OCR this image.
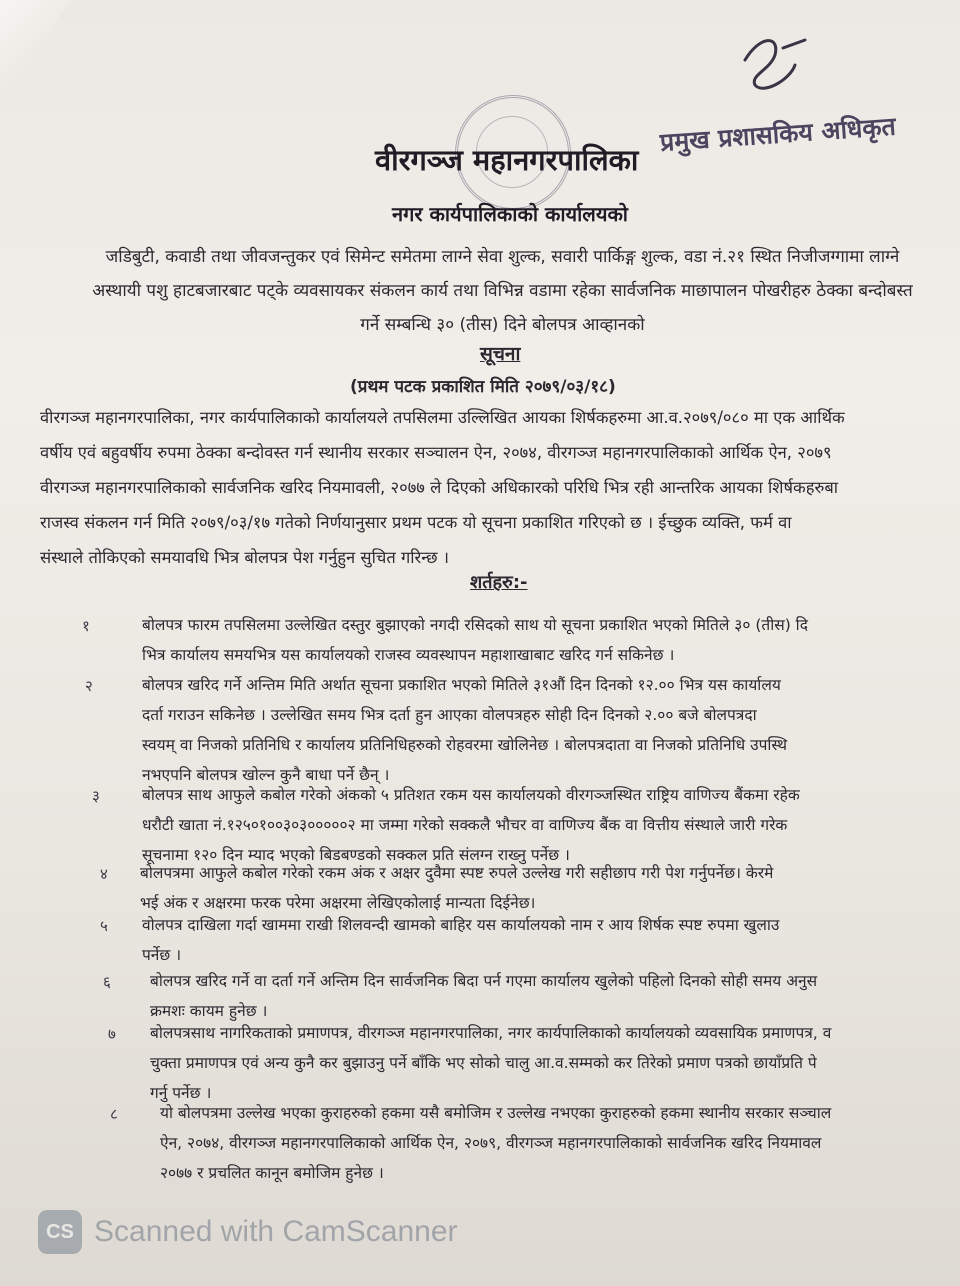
वीरगञ्ज महानगरपालिका
प्रमुख प्रशासकिय अधिकृत
नगर कार्यपालिकाको कार्यालयको
जडिबुटी, कवाडी तथा जीवजन्तुकर एवं सिमेन्ट समेतमा लाग्ने सेवा शुल्क, सवारी पार्किङ्ग शुल्क, वडा नं.२१ स्थित निजीजग्गामा लाग्ने
अस्थायी पशु हाटबजारबाट पट्के व्यवसायकर संकलन कार्य तथा विभिन्न वडामा रहेका सार्वजनिक माछापालन पोखरीहरु ठेक्का बन्दोबस्त
गर्ने सम्बन्धि ३० (तीस) दिने बोलपत्र आव्हानको
सूचना
(प्रथम पटक प्रकाशित मिति २०७९/०३/१८)
वीरगञ्ज महानगरपालिका, नगर कार्यपालिकाको कार्यालयले तपसिलमा उल्लिखित आयका शिर्षकहरुमा आ.व.२०७९/०८० मा एक आर्थिक
वर्षीय एवं बहुवर्षीय रुपमा ठेक्का बन्दोवस्त गर्न स्थानीय सरकार सञ्चालन ऐन, २०७४, वीरगञ्ज महानगरपालिकाको आर्थिक ऐन, २०७९
वीरगञ्ज महानगरपालिकाको सार्वजनिक खरिद नियमावली, २०७७ ले दिएको अधिकारको परिधि भित्र रही आन्तरिक आयका शिर्षकहरुबा
राजस्व संकलन गर्न मिति २०७९/०३/१७ गतेको निर्णयानुसार प्रथम पटक यो सूचना प्रकाशित गरिएको छ । ईच्छुक व्यक्ति, फर्म वा
संस्थाले तोकिएको समयावधि भित्र बोलपत्र पेश गर्नुहुन सुचित गरिन्छ ।
शर्तहरु:-
१	बोलपत्र फारम तपसिलमा उल्लेखित दस्तुर बुझाएको नगदी रसिदको साथ यो सूचना प्रकाशित भएको मितिले ३० (तीस) दि
भित्र कार्यालय समयभित्र यस कार्यालयको राजस्व व्यवस्थापन महाशाखाबाट खरिद गर्न सकिनेछ ।
२	बोलपत्र खरिद गर्ने अन्तिम मिति अर्थात सूचना प्रकाशित भएको मितिले ३१औं दिन दिनको १२.०० भित्र यस कार्यालय
दर्ता गराउन सकिनेछ । उल्लेखित समय भित्र दर्ता हुन आएका वोलपत्रहरु सोही दिन दिनको २.०० बजे बोलपत्रदा
स्वयम् वा निजको प्रतिनिधि र कार्यालय प्रतिनिधिहरुको रोहवरमा खोलिनेछ । बोलपत्रदाता वा निजको प्रतिनिधि उपस्थि
नभएपनि बोलपत्र खोल्न कुनै बाधा पर्ने छैन् ।
३	बोलपत्र साथ आफुले कबोल गरेको अंकको ५ प्रतिशत रकम यस कार्यालयको वीरगञ्जस्थित राष्ट्रिय वाणिज्य बैंकमा रहेक
धरौटी खाता नं.१२५०१००३०३०००००२ मा जम्मा गरेको सक्कलै भौचर वा वाणिज्य बैंक वा वित्तीय संस्थाले जारी गरेक
सूचनामा १२० दिन म्याद भएको बिडबण्डको सक्कल प्रति संलग्न राख्नु पर्नेछ ।
४ बोलपत्रमा आफुले कबोल गरेको रकम अंक र अक्षर दुवैमा स्पष्ट रुपले उल्लेख गरी सहीछाप गरी पेश गर्नुपर्नेछ। केरमे
भई अंक र अक्षरमा फरक परेमा अक्षरमा लेखिएकोलाई मान्यता दिईनेछ।
५ वोलपत्र दाखिला गर्दा खाममा राखी शिलवन्दी खामको बाहिर यस कार्यालयको नाम र आय शिर्षक स्पष्ट रुपमा खुलाउ
पर्नेछ ।
६	बोलपत्र खरिद गर्ने वा दर्ता गर्ने अन्तिम दिन सार्वजनिक बिदा पर्न गएमा कार्यालय खुलेको पहिलो दिनको सोही समय अनुस
क्रमशः कायम हुनेछ ।
७ बोलपत्रसाथ नागरिकताको प्रमाणपत्र, वीरगञ्ज महानगरपालिका, नगर कार्यपालिकाको कार्यालयको व्यवसायिक प्रमाणपत्र, व
चुक्ता प्रमाणपत्र एवं अन्य कुनै कर बुझाउनु पर्ने बाँकि भए सोको चालु आ.व.सम्मको कर तिरेको प्रमाण पत्रको छायाँप्रति पे
गर्नु पर्नेछ ।
८	यो बोलपत्रमा उल्लेख भएका कुराहरुको हकमा यसै बमोजिम र उल्लेख नभएका कुराहरुको हकमा स्थानीय सरकार सञ्चाल
ऐन, २०७४, वीरगञ्ज महानगरपालिकाको आर्थिक ऐन, २०७९, वीरगञ्ज महानगरपालिकाको सार्वजनिक खरिद नियमावल
२०७७ र प्रचलित कानून बमोजिम हुनेछ ।
CS Scanned with CamScanner
